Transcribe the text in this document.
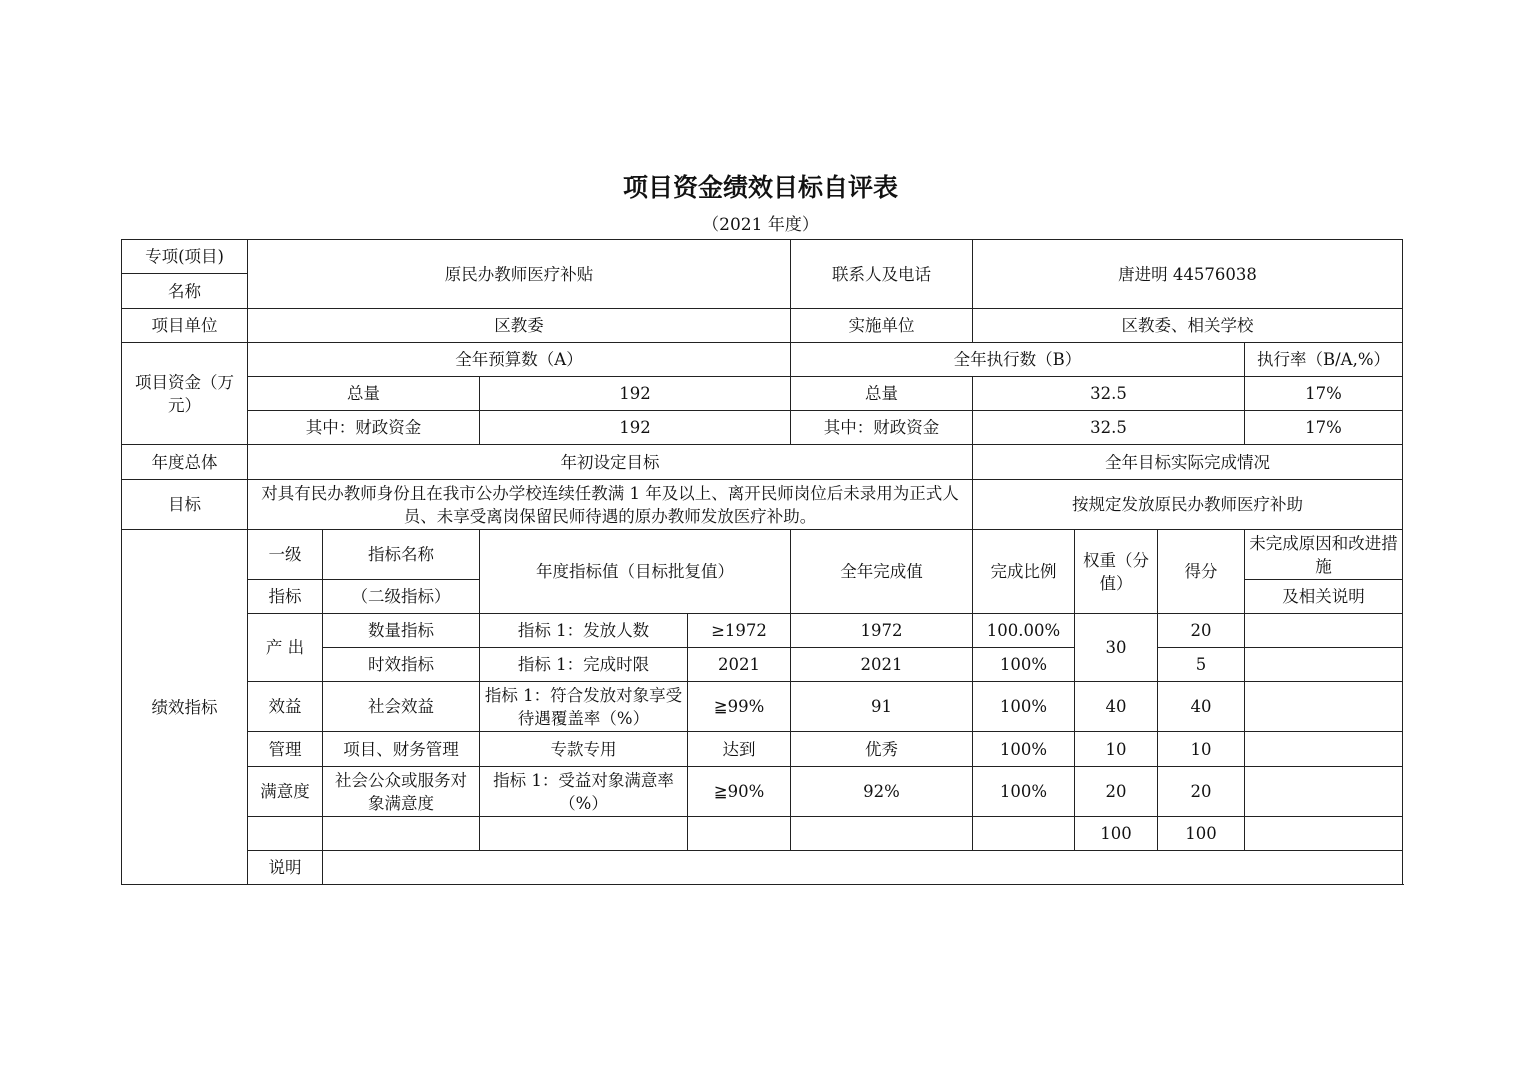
项目资金绩效目标自评表
（2021 年度）
专项(项目)	原民办教师医疗补贴				联系人及电话	唐进明 44576038			
名称									
项目单位	区教委				实施单位	区教委、相关学校			
项目资金（万元）	全年预算数（A）				全年执行数（B）				执行率（B/A,%）
	总量		192		总量	32.5			17%
	其中：财政资金		192		其中：财政资金	32.5			17%
年度总体	年初设定目标					全年目标实际完成情况			
目标	对具有民办教师身份且在我市公办学校连续任教满 1 年及以上、离开民师岗位后未录用为正式人员、未享受离岗保留民师待遇的原办教师发放医疗补助。					按规定发放原民办教师医疗补助			
绩效指标	一级	指标名称	年度指标值（目标批复值）		全年完成值	完成比例	权重（分值）	得分	未完成原因和改进措施
	指标	（二级指标）							及相关说明
	产 出	数量指标	指标 1：发放人数	≥1972	1972	100.00%	30	20	
		时效指标	指标 1：完成时限	2021	2021	100%		5	
	效益	社会效益	指标 1：符合发放对象享受待遇覆盖率（%）	≧99%	91	100%	40	40	
	管理	项目、财务管理	专款专用	达到	优秀	100%	10	10	
	满意度	社会公众或服务对象满意度	指标 1：受益对象满意率（%）	≧90%	92%	100%	20	20	
							100	100	
	说明								
